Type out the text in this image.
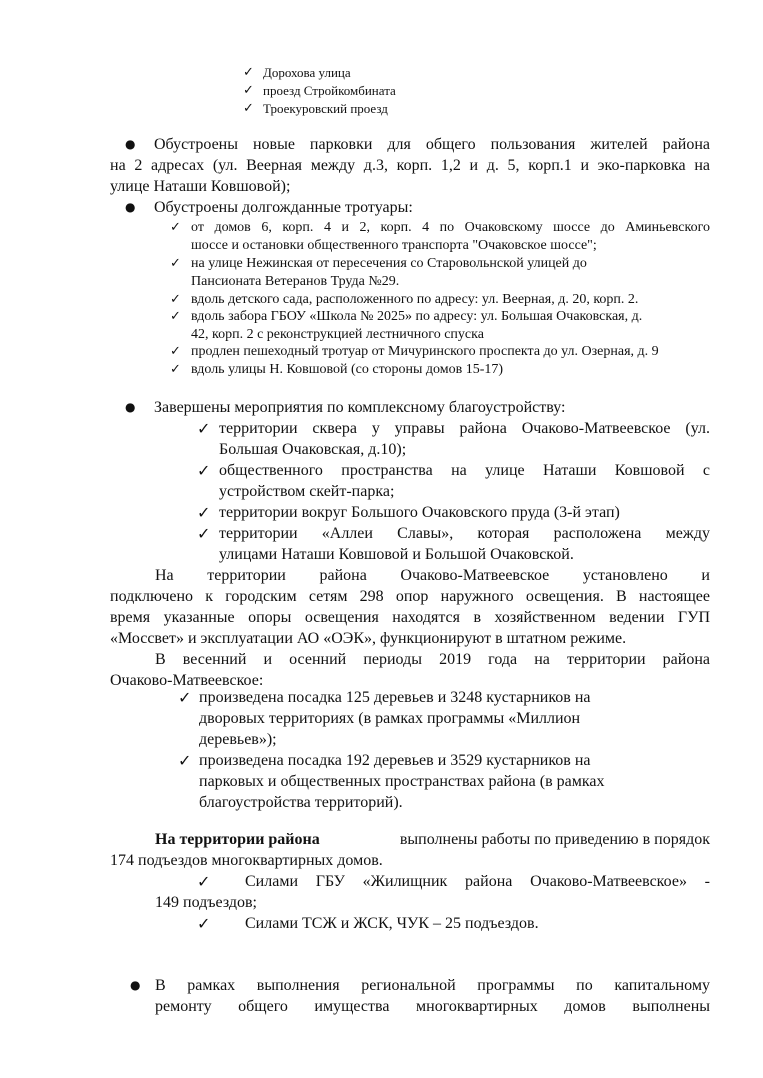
✓ Дорохова улица
✓ проезд Стройкомбината
✓ Троекуровский проезд
● Обустроены новые парковки для общего пользования жителей района
на 2 адресах (ул. Веерная между д.3, корп. 1,2 и д. 5, корп.1 и эко-парковка на
улице Наташи Ковшовой);
● Обустроены долгожданные тротуары:
✓ от домов 6, корп. 4 и 2, корп. 4 по Очаковскому шоссе до Аминьевского
шоссе и остановки общественного транспорта "Очаковское шоссе";
✓ на улице Нежинская от пересечения со Старовольнской улицей до
Пансионата Ветеранов Труда №29.
✓ вдоль детского сада, расположенного по адресу: ул. Веерная, д. 20, корп. 2.
✓ вдоль забора ГБОУ «Школа № 2025» по адресу: ул. Большая Очаковская, д.
42, корп. 2 с реконструкцией лестничного спуска
✓ продлен пешеходный тротуар от Мичуринского проспекта до ул. Озерная, д. 9
✓ вдоль улицы Н. Ковшовой (со стороны домов 15-17)
● Завершены мероприятия по комплексному благоустройству:
✓ территории сквера у управы района Очаково-Матвеевское (ул.
Большая Очаковская, д.10);
✓ общественного пространства на улице Наташи Ковшовой с
устройством скейт-парка;
✓ территории вокруг Большого Очаковского пруда (3-й этап)
✓ территории «Аллеи Славы», которая расположена между
улицами Наташи Ковшовой и Большой Очаковской.
На территории района Очаково-Матвеевское установлено и
подключено к городским сетям 298 опор наружного освещения. В настоящее
время указанные опоры освещения находятся в хозяйственном ведении ГУП
«Моссвет» и эксплуатации АО «ОЭК», функционируют в штатном режиме.
В весенний и осенний периоды 2019 года на территории района
Очаково-Матвеевское:
✓ произведена посадка 125 деревьев и 3248 кустарников на
дворовых территориях (в рамках программы «Миллион
деревьев»);
✓ произведена посадка 192 деревьев и 3529 кустарников на
парковых и общественных пространствах района (в рамках
благоустройства территорий).
На территории района	выполнены работы по приведению в порядок
174 подъездов многоквартирных домов.
✓ Силами ГБУ «Жилищник района Очаково-Матвеевское» -
149 подъездов;
✓ Силами ТСЖ и ЖСК, ЧУК – 25 подъездов.
● В рамках выполнения региональной программы по капитальному
ремонту общего имущества многоквартирных домов выполнены
